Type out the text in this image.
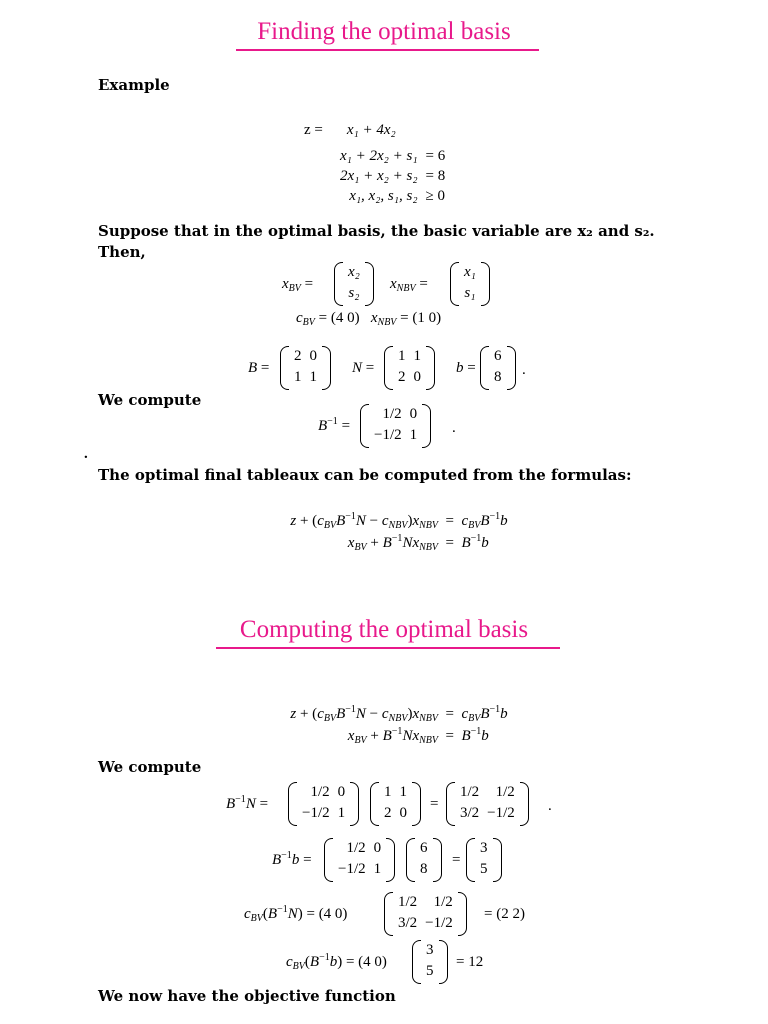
Finding the optimal basis
Example
z =	x₁ + 4x₂
x₁ + 2x₂ + s₁	= 6
2x₁ + x₂ + s₂	= 8
x₁, x₂, s₁, s₂	≥ 0
Suppose that in the optimal basis, the basic variable are x₂ and s₂.
Then,
$x_{BV}$ =
x₂
s₂
$x_{NBV}$ =
x₁
s₁
$c_{BV} = (4$ 0) $x_{NBV} = (1$ 0)
B =
2	0
1	1
N =
1	1
2	0
b =
6
8 .
We compute
$B^{-1}$ =
1/2	0
−1/2	1 .
.
The optimal final tableaux can be computed from the formulas:
$z + (c_{BV}B^{-1}N - c_{NBV})x_{NBV} = c_{BV}B^{-1}b$
$x_{BV} + B^{-1}Nx_{NBV} = B^{-1}b$
Computing the optimal basis
$z + (c_{BV}B^{-1}N - c_{NBV})x_{NBV} = c_{BV}B^{-1}b$
$x_{BV} + B^{-1}Nx_{NBV} = B^{-1}b$
We compute
$B^{-1}N$ =
1/2	0
−1/2	1
1	1
2	0
=
1/2	1/2
3/2	−1/2 .
$B^{-1}b$ =
1/2	0
−1/2	1
6
8
=
3
5
$c_{BV}(B^{-1}N) = (4$ 0)
1/2	1/2
3/2	−1/2
= (2 2)
$c_{BV}(B^{-1}b) = (4$ 0)
3
5
= 12
We now have the objective function
